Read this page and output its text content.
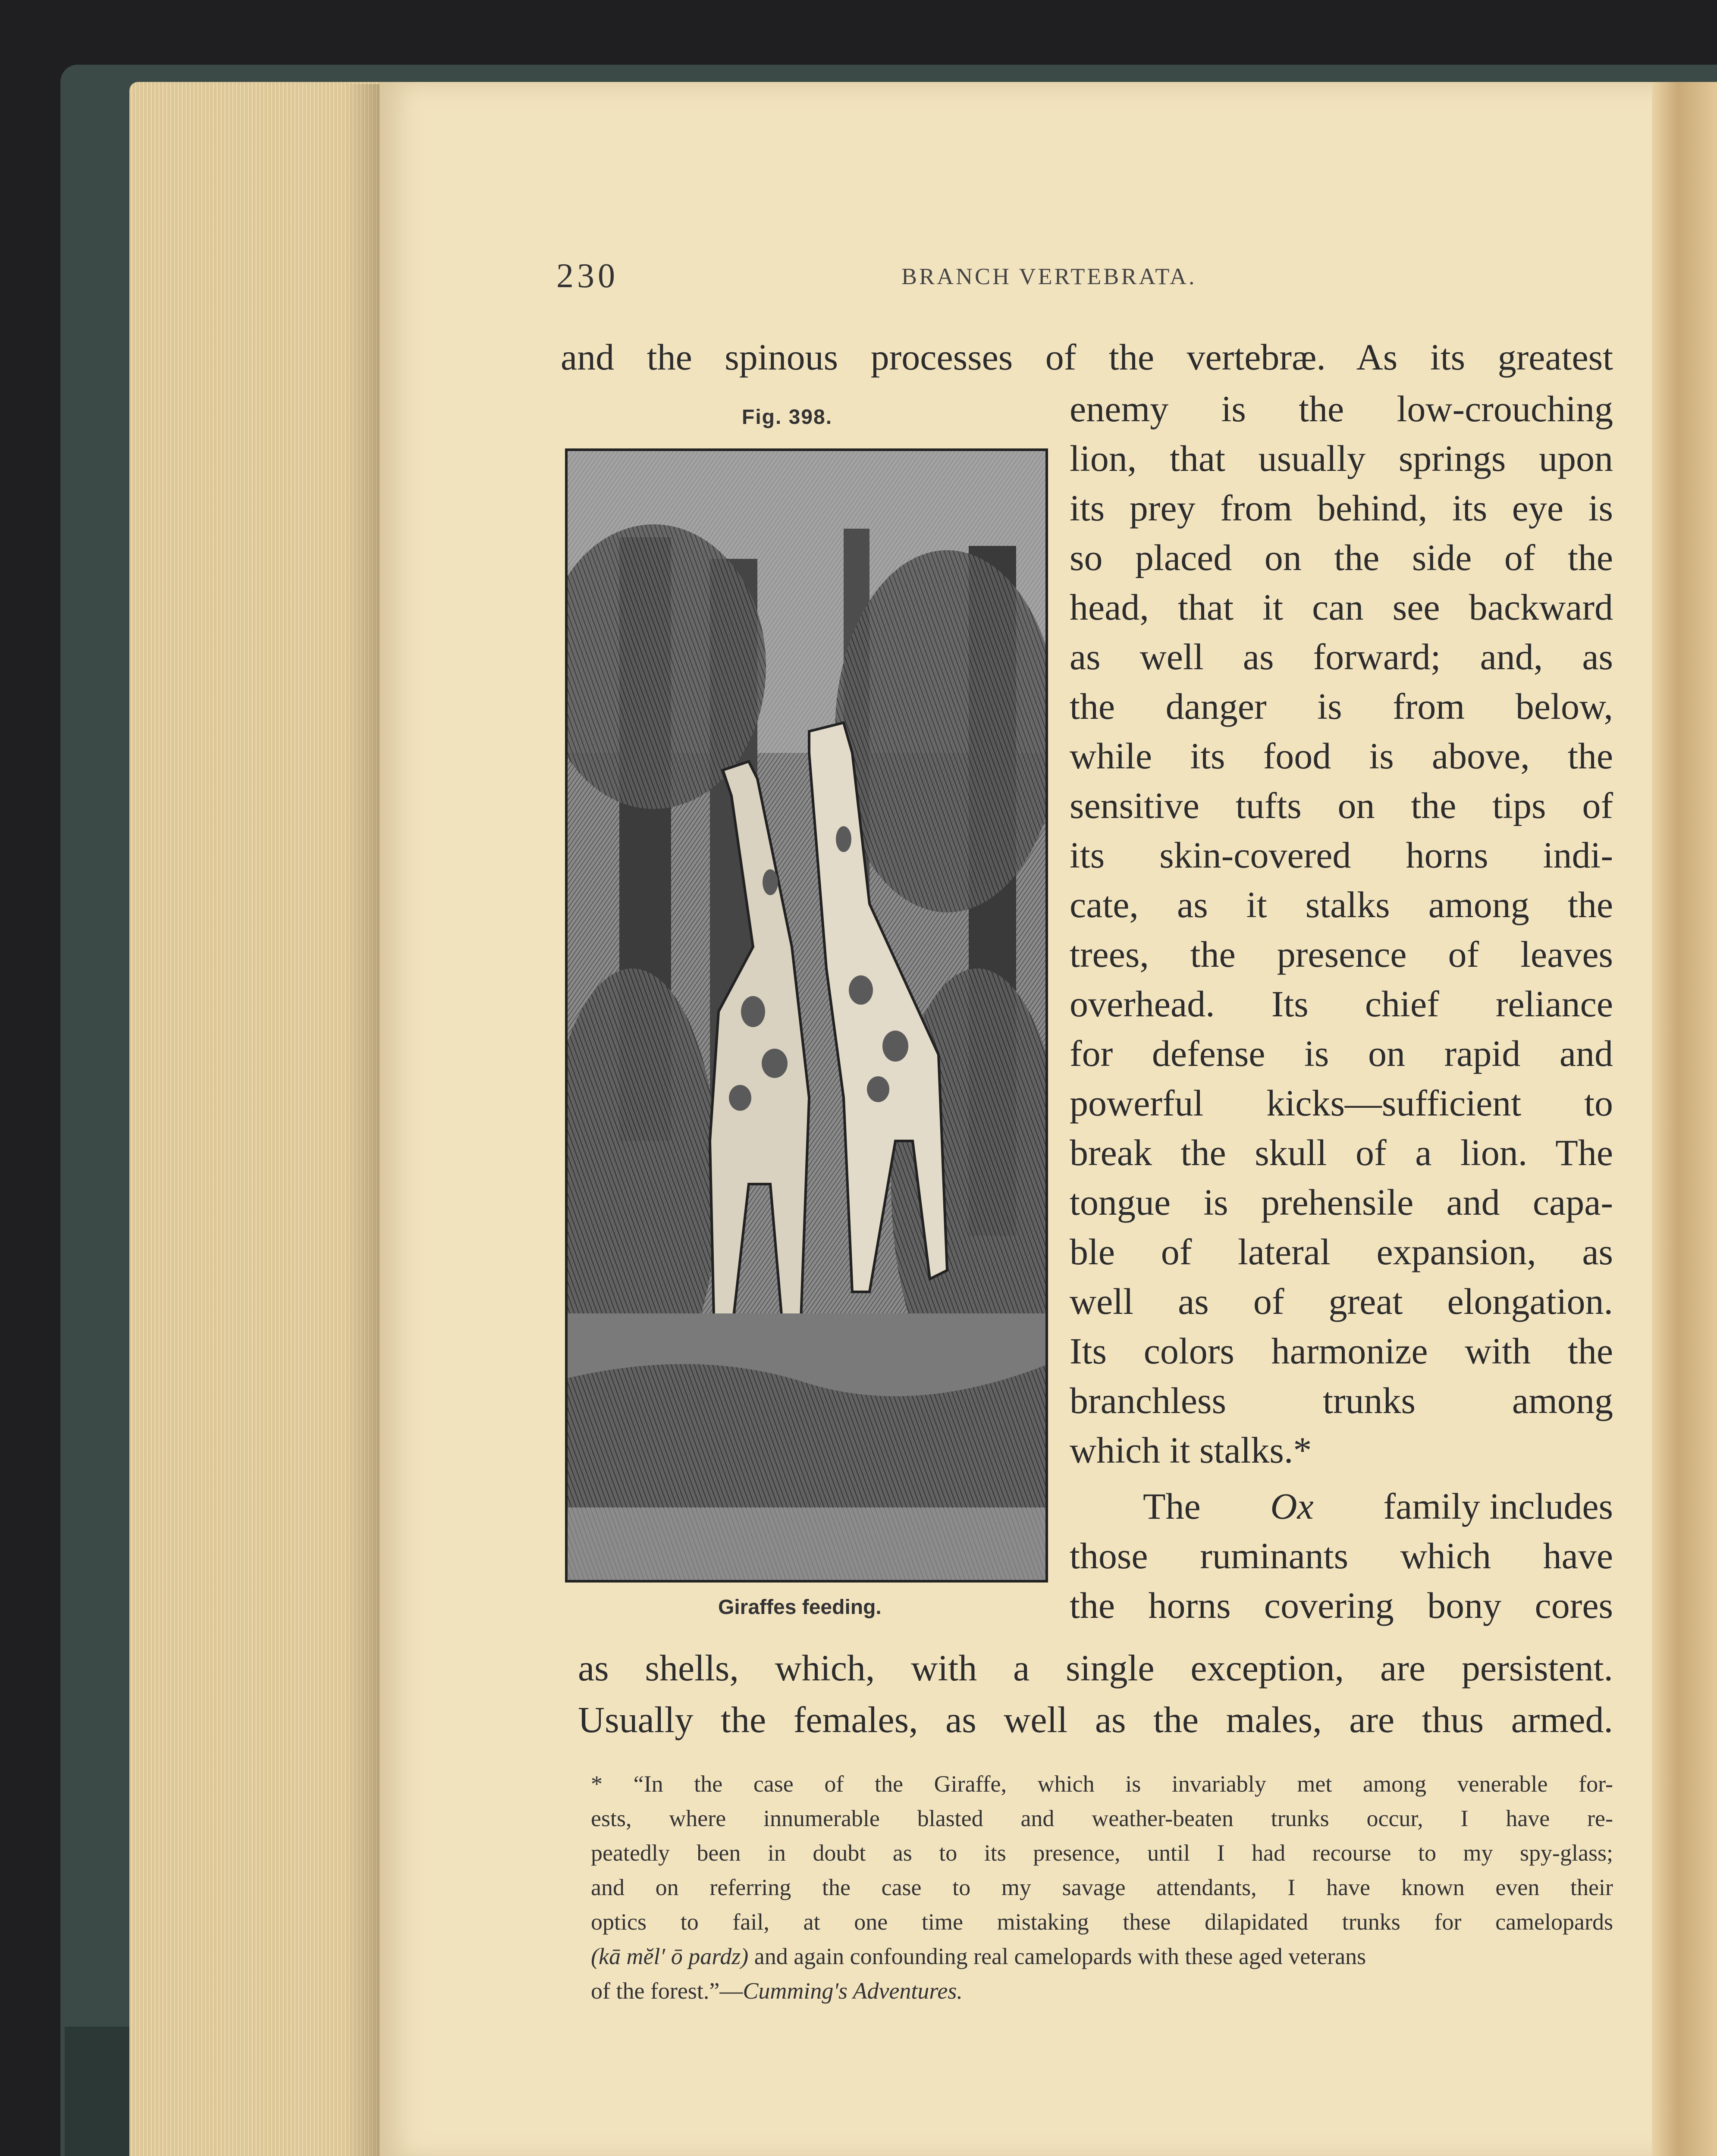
230	BRANCH VERTEBRATA.
and the spinous processes of the vertebræ. As its greatest
Fig. 398.	enemy is the low-crouching
lion, that usually springs upon
its prey from behind, its eye is
so placed on the side of the
head, that it can see backward
as well as forward; and, as
the danger is from below,
while its food is above, the
sensitive tufts on the tips of
its skin-covered horns indi-
cate, as it stalks among the
trees, the presence of leaves
overhead. Its chief reliance
for defense is on rapid and
powerful kicks—sufficient to
break the skull of a lion. The
tongue is prehensile and capa-
ble of lateral expansion, as
well as of great elongation.
Its colors harmonize with the
branchless trunks among
which it stalks.*
The Ox family includes
those ruminants which have
the horns covering bony cores
Giraffes feeding.
as shells, which, with a single exception, are persistent.
Usually the females, as well as the males, are thus armed.
* “In the case of the Giraffe, which is invariably met among venerable for-
ests, where innumerable blasted and weather-beaten trunks occur, I have re-
peatedly been in doubt as to its presence, until I had recourse to my spy-glass;
and on referring the case to my savage attendants, I have known even their
optics to fail, at one time mistaking these dilapidated trunks for camelopards
(kā mĕl′ ō pardz) and again confounding real camelopards with these aged veterans
of the forest.”—Cumming's Adventures.
